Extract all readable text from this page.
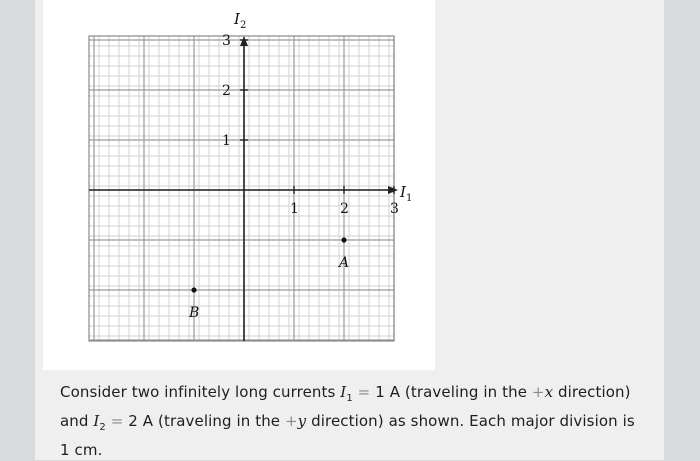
1	2	3
1
2
3
A
B
$I_1$
$I_2$
Consider two infinitely long currents $I_1 = 1$ A (traveling in the +x direction) and $I_2 = 2$ A (traveling in the +y direction) as shown. Each major division is 1 cm.
